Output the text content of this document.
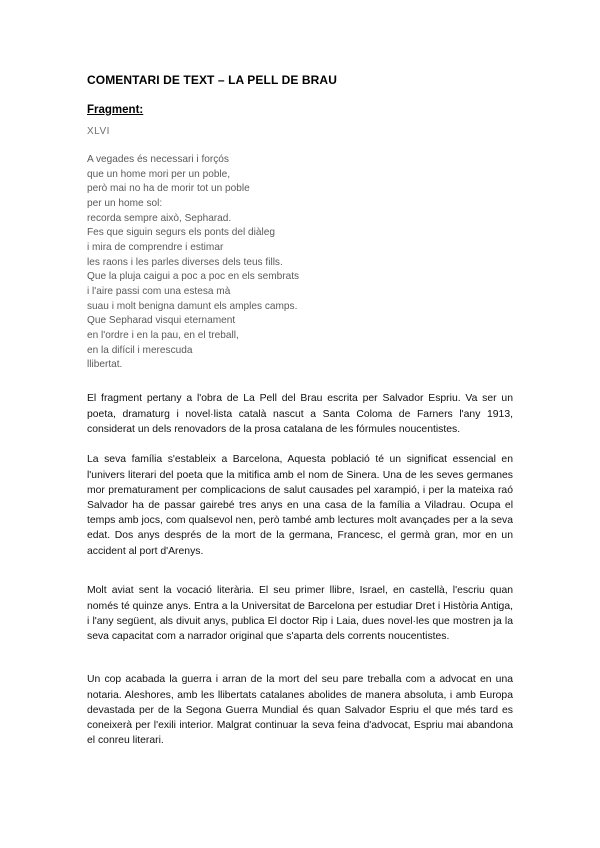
COMENTARI DE TEXT – LA PELL DE BRAU
Fragment:
XLVI
A vegades és necessari i forçós
que un home mori per un poble,
però mai no ha de morir tot un poble
per un home sol:
recorda sempre això, Sepharad.
Fes que siguin segurs els ponts del diàleg
i mira de comprendre i estimar
les raons i les parles diverses dels teus fills.
Que la pluja caigui a poc a poc en els sembrats
i l'aire passi com una estesa mà
suau i molt benigna damunt els amples camps.
Que Sepharad visqui eternament
en l'ordre i en la pau, en el treball,
en la difícil i merescuda
llibertat.

El fragment pertany a l'obra de La Pell del Brau escrita per Salvador Espriu. Va ser un poeta, dramaturg i novel·lista català nascut a Santa Coloma de Farners l'any 1913, considerat un dels renovadors de la prosa catalana de les fórmules noucentistes.

La seva família s'estableix a Barcelona, Aquesta població té un significat essencial en l'univers literari del poeta que la mitifica amb el nom de Sinera. Una de les seves germanes mor prematurament per complicacions de salut causades pel xarampió, i per la mateixa raó Salvador ha de passar gairebé tres anys en una casa de la família a Viladrau. Ocupa el temps amb jocs, com qualsevol nen, però també amb lectures molt avançades per a la seva edat. Dos anys després de la mort de la germana, Francesc, el germà gran, mor en un accident al port d'Arenys.

Molt aviat sent la vocació literària. El seu primer llibre, Israel, en castellà, l'escriu quan només té quinze anys. Entra a la Universitat de Barcelona per estudiar Dret i Història Antiga, i l'any següent, als divuit anys, publica El doctor Rip i Laia, dues novel·les que mostren ja la seva capacitat com a narrador original que s'aparta dels corrents noucentistes.

Un cop acabada la guerra i arran de la mort del seu pare treballa com a advocat en una notaria. Aleshores, amb les llibertats catalanes abolides de manera absoluta, i amb Europa devastada per de la Segona Guerra Mundial és quan Salvador Espriu el que més tard es coneixerà per l'exili interior. Malgrat continuar la seva feina d'advocat, Espriu mai abandona el conreu literari.
